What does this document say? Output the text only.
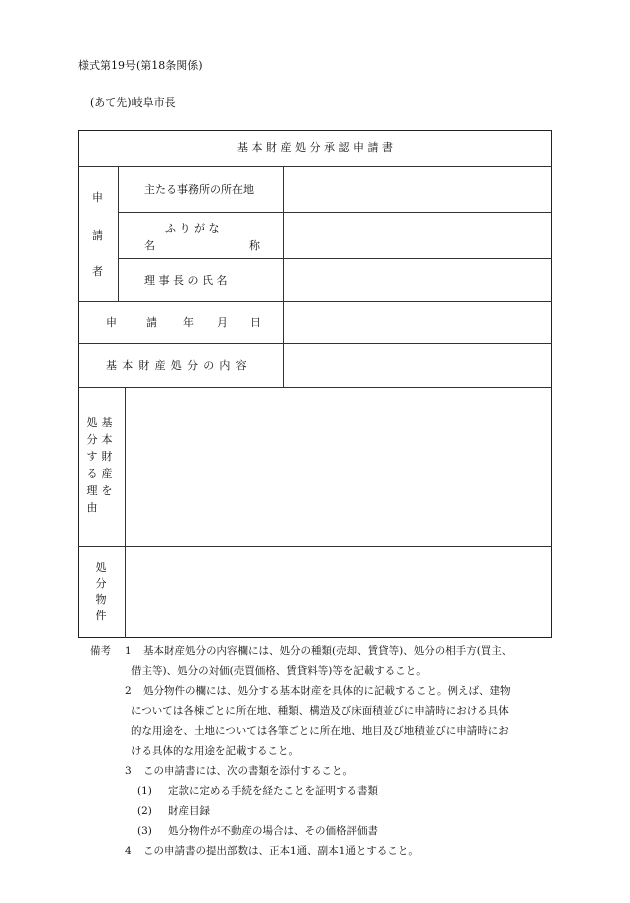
様式第19号(第18条関係)
(あて先)岐阜市長
基 本 財 産 処 分 承 認 申 請 書
申
請
者
主たる事務所の所在地
ふ り が な
名	称
理 事 長 の 氏 名
申	請 年 月 日
基本財産処分の内容
処
分
す
る
理
由
基
本
財
産
を
処
分
物
件
備考 1 基本財産処分の内容欄には、処分の種類(売却、賃貸等)、処分の相手方(買主、
借主等)、処分の対価(売買価格、賃貸料等)等を記載すること。
2 処分物件の欄には、処分する基本財産を具体的に記載すること。例えば、建物
については各棟ごとに所在地、種類、構造及び床面積並びに申請時における具体
的な用途を、土地については各筆ごとに所在地、地目及び地積並びに申請時にお
ける具体的な用途を記載すること。
3 この申請書には、次の書類を添付すること。
(1) 定款に定める手続を経たことを証明する書類
(2) 財産目録
(3) 処分物件が不動産の場合は、その価格評価書
4 この申請書の提出部数は、正本1通、副本1通とすること。
